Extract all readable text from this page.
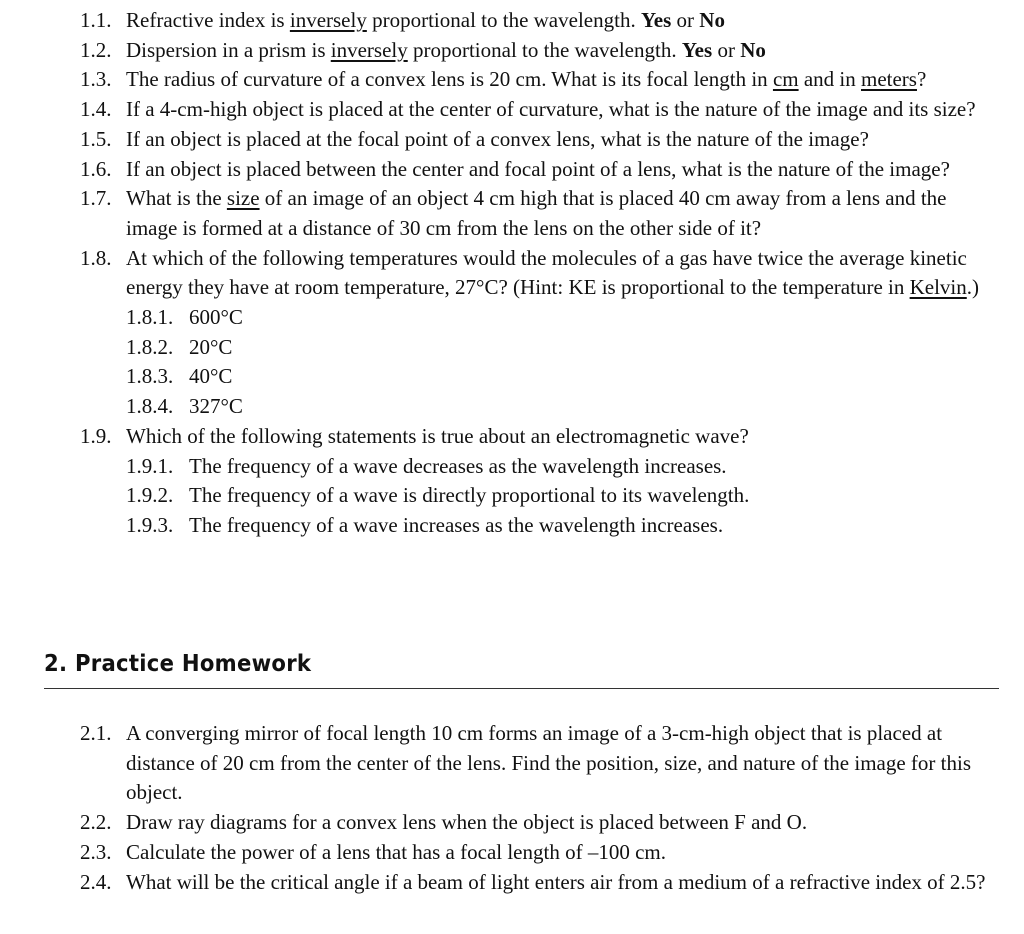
1.1. Refractive index is inversely proportional to the wavelength. Yes or No
1.2. Dispersion in a prism is inversely proportional to the wavelength. Yes or No
1.3. The radius of curvature of a convex lens is 20 cm. What is its focal length in cm and in meters?
1.4. If a 4-cm-high object is placed at the center of curvature, what is the nature of the image and its size?
1.5. If an object is placed at the focal point of a convex lens, what is the nature of the image?
1.6. If an object is placed between the center and focal point of a lens, what is the nature of the image?
1.7. What is the size of an image of an object 4 cm high that is placed 40 cm away from a lens and the image is formed at a distance of 30 cm from the lens on the other side of it?
1.8. At which of the following temperatures would the molecules of a gas have twice the average kinetic energy they have at room temperature, 27°C? (Hint: KE is proportional to the temperature in Kelvin.)
1.8.1. 600°C
1.8.2. 20°C
1.8.3. 40°C
1.8.4. 327°C
1.9. Which of the following statements is true about an electromagnetic wave?
1.9.1. The frequency of a wave decreases as the wavelength increases.
1.9.2. The frequency of a wave is directly proportional to its wavelength.
1.9.3. The frequency of a wave increases as the wavelength increases.
2. Practice Homework
2.1. A converging mirror of focal length 10 cm forms an image of a 3-cm-high object that is placed at distance of 20 cm from the center of the lens. Find the position, size, and nature of the image for this object.
2.2. Draw ray diagrams for a convex lens when the object is placed between F and O.
2.3. Calculate the power of a lens that has a focal length of –100 cm.
2.4. What will be the critical angle if a beam of light enters air from a medium of a refractive index of 2.5?
